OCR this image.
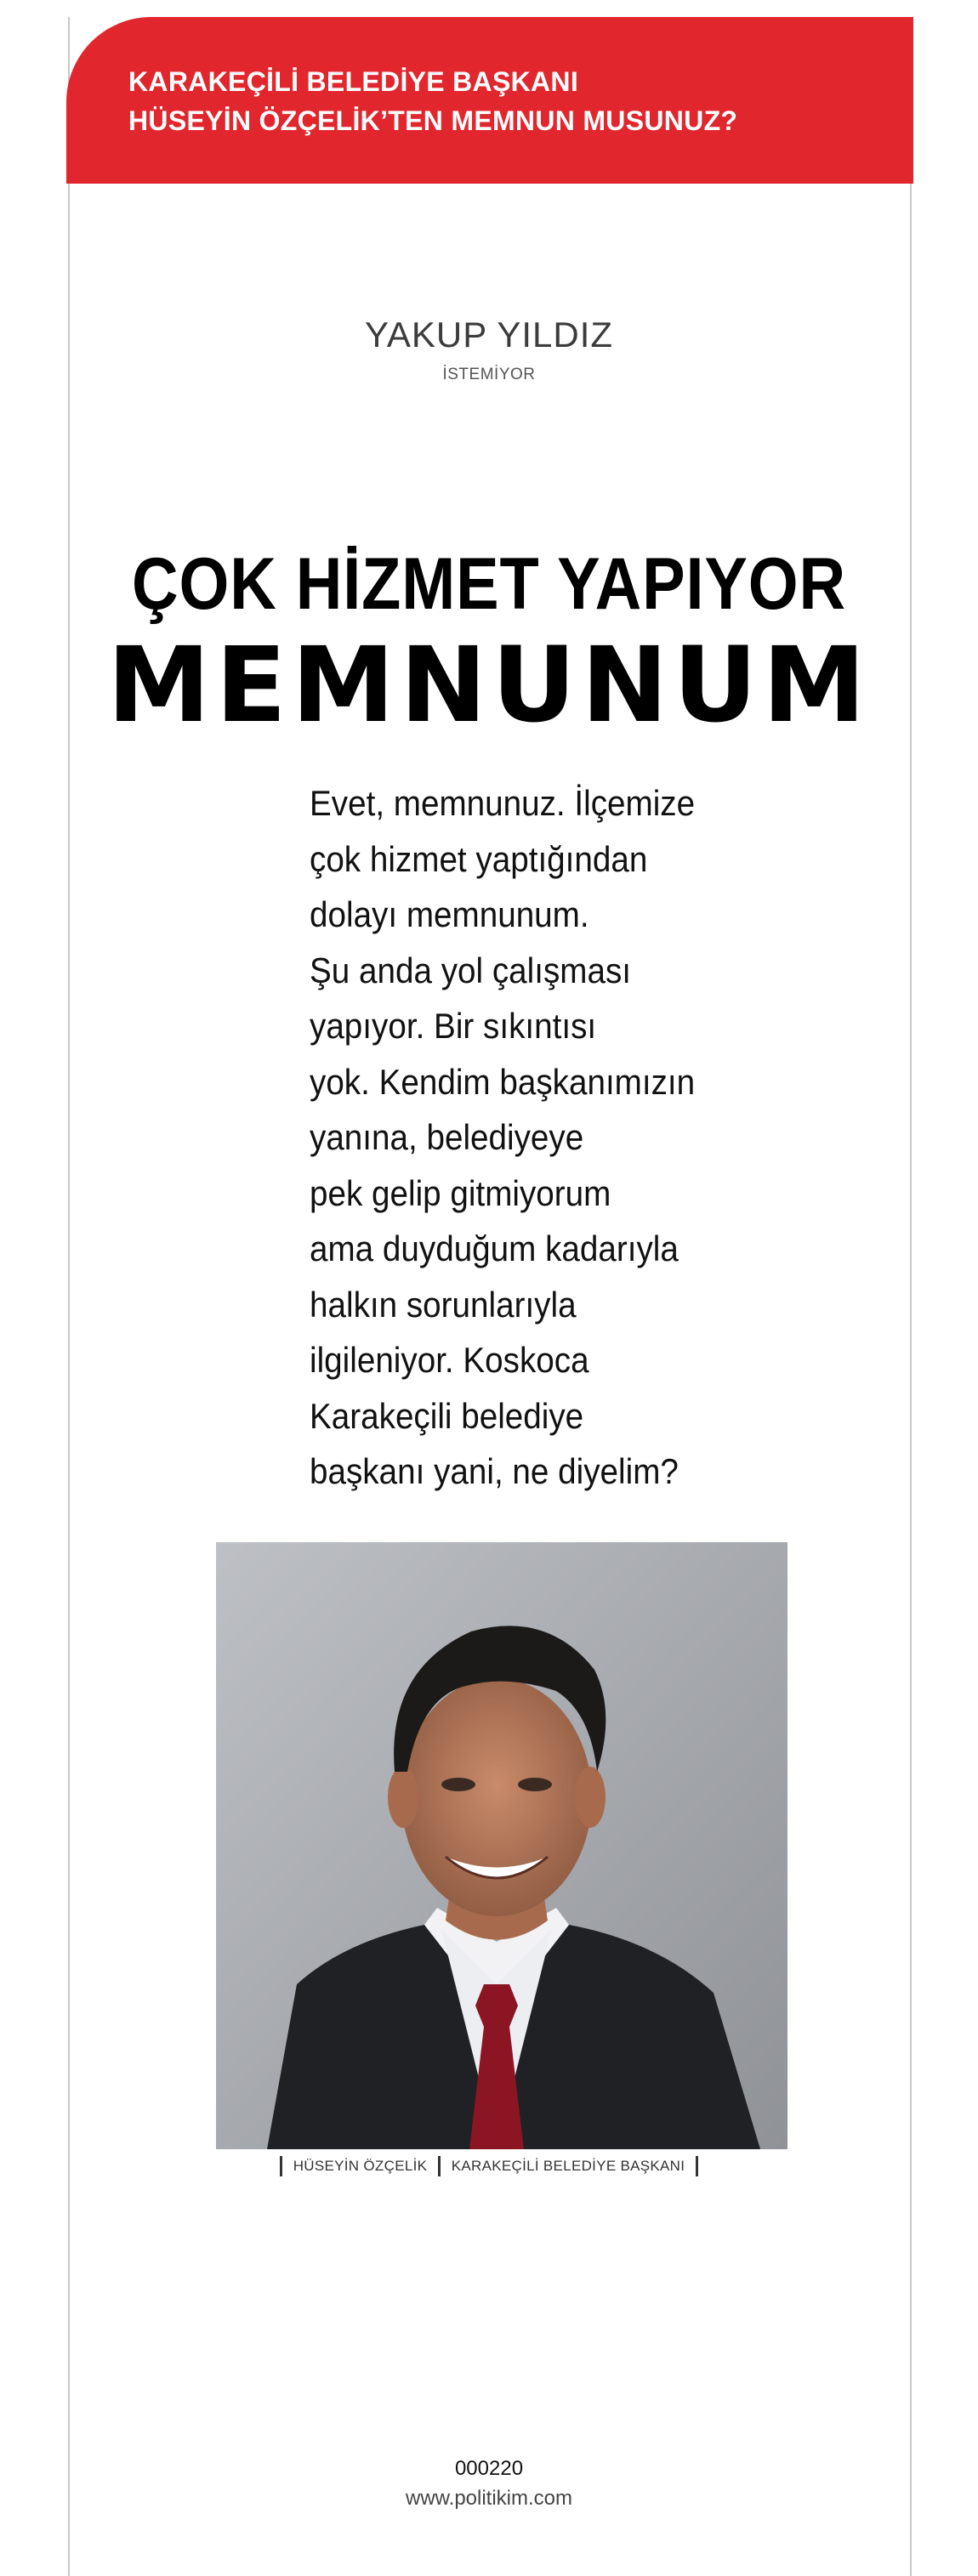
KARAKEÇİLİ BELEDİYE BAŞKANI
HÜSEYİN ÖZÇELİK’TEN MEMNUN MUSUNUZ?
YAKUP YILDIZ
İSTEMİYOR
ÇOK HİZMET YAPIYOR
MEMNUNUM
Evet, memnunuz. İlçemize
çok hizmet yaptığından
dolayı memnunum.
Şu anda yol çalışması
yapıyor. Bir sıkıntısı
yok. Kendim başkanımızın
yanına, belediyeye
pek gelip gitmiyorum
ama duyduğum kadarıyla
halkın sorunlarıyla
ilgileniyor. Koskoca
Karakeçili belediye
başkanı yani, ne diyelim?
HÜSEYİN ÖZÇELİK KARAKEÇİLİ BELEDİYE BAŞKANI
000220
www.politikim.com
